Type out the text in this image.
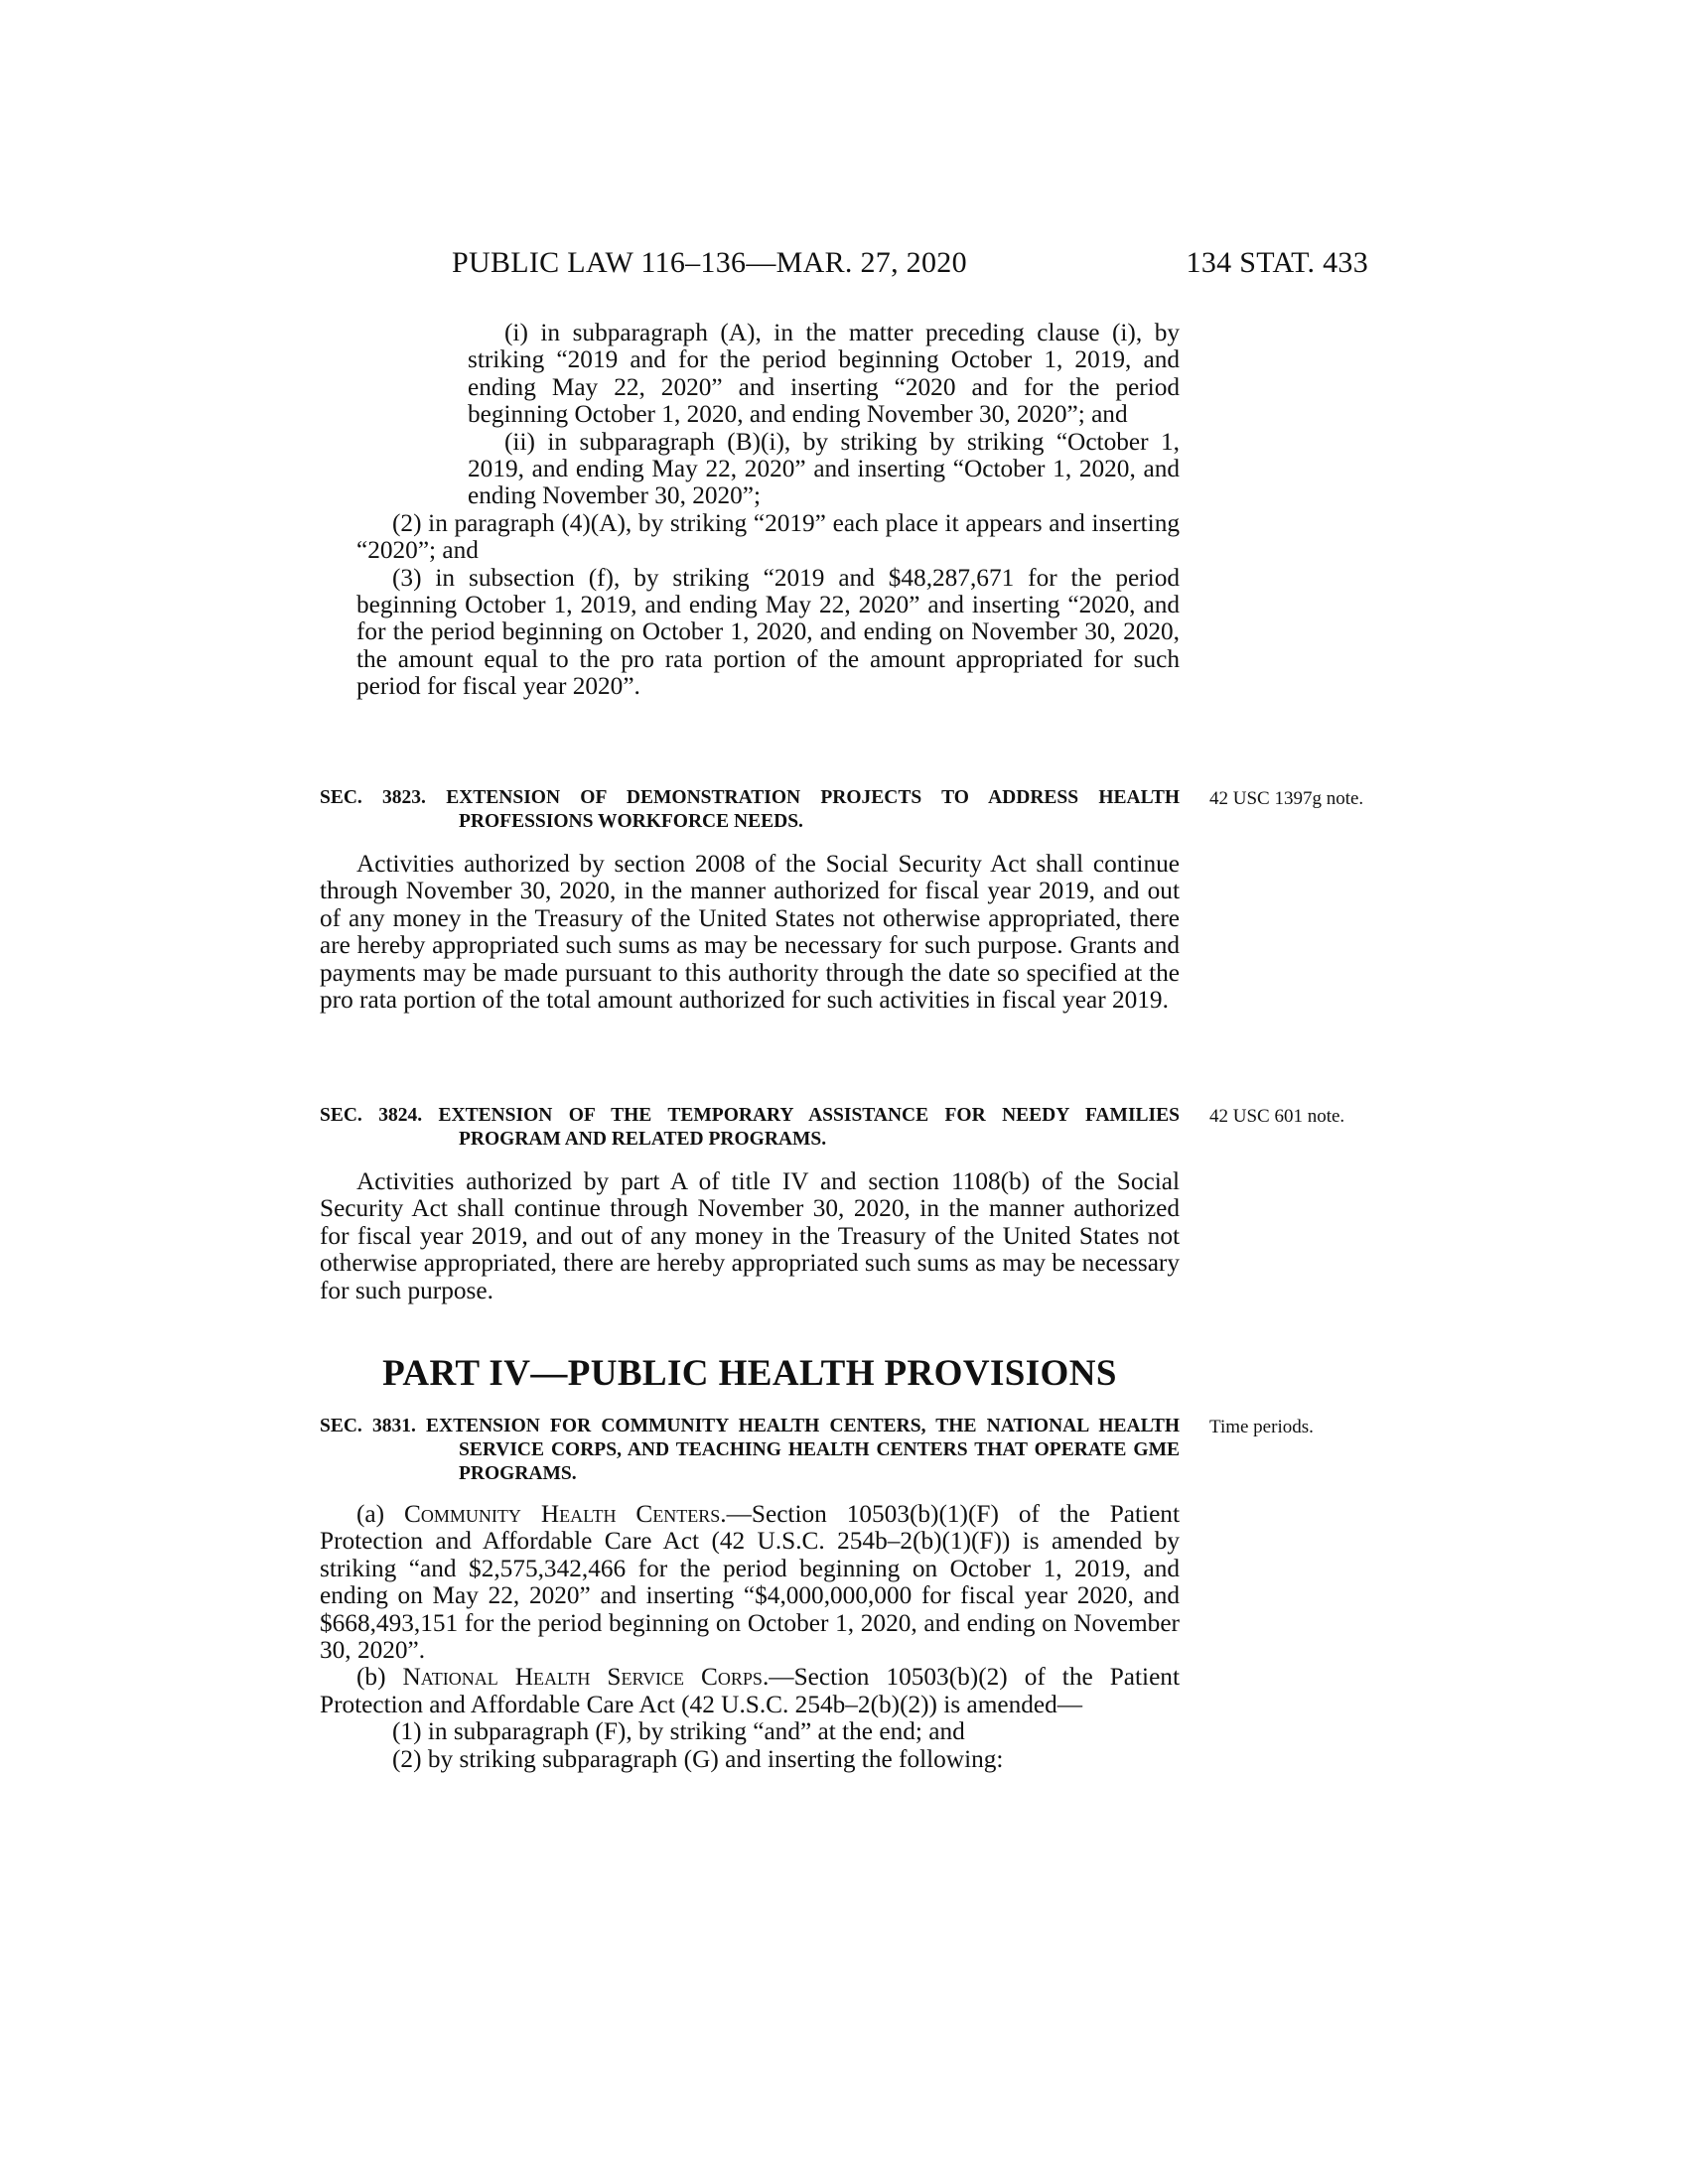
PUBLIC LAW 116–136—MAR. 27, 2020	134 STAT. 433

(i) in subparagraph (A), in the matter preceding clause (i), by striking “2019 and for the period beginning October 1, 2019, and ending May 22, 2020” and inserting “2020 and for the period beginning October 1, 2020, and ending November 30, 2020”; and

(ii) in subparagraph (B)(i), by striking by striking “October 1, 2019, and ending May 22, 2020” and inserting “October 1, 2020, and ending November 30, 2020”;

(2) in paragraph (4)(A), by striking “2019” each place it appears and inserting “2020”; and

(3) in subsection (f), by striking “2019 and $48,287,671 for the period beginning October 1, 2019, and ending May 22, 2020” and inserting “2020, and for the period beginning on October 1, 2020, and ending on November 30, 2020, the amount equal to the pro rata portion of the amount appropriated for such period for fiscal year 2020”.

SEC. 3823. EXTENSION OF DEMONSTRATION PROJECTS TO ADDRESS HEALTH PROFESSIONS WORKFORCE NEEDS.

42 USC 1397g note.

Activities authorized by section 2008 of the Social Security Act shall continue through November 30, 2020, in the manner authorized for fiscal year 2019, and out of any money in the Treasury of the United States not otherwise appropriated, there are hereby appropriated such sums as may be necessary for such purpose. Grants and payments may be made pursuant to this authority through the date so specified at the pro rata portion of the total amount authorized for such activities in fiscal year 2019.

SEC. 3824. EXTENSION OF THE TEMPORARY ASSISTANCE FOR NEEDY FAMILIES PROGRAM AND RELATED PROGRAMS.

42 USC 601 note.

Activities authorized by part A of title IV and section 1108(b) of the Social Security Act shall continue through November 30, 2020, in the manner authorized for fiscal year 2019, and out of any money in the Treasury of the United States not otherwise appropriated, there are hereby appropriated such sums as may be necessary for such purpose.

PART IV—PUBLIC HEALTH PROVISIONS

SEC. 3831. EXTENSION FOR COMMUNITY HEALTH CENTERS, THE NATIONAL HEALTH SERVICE CORPS, AND TEACHING HEALTH CENTERS THAT OPERATE GME PROGRAMS.

Time periods.

(a) Community Health Centers.—Section 10503(b)(1)(F) of the Patient Protection and Affordable Care Act (42 U.S.C. 254b–2(b)(1)(F)) is amended by striking “and $2,575,342,466 for the period beginning on October 1, 2019, and ending on May 22, 2020” and inserting “$4,000,000,000 for fiscal year 2020, and $668,493,151 for the period beginning on October 1, 2020, and ending on November 30, 2020”.

(b) National Health Service Corps.—Section 10503(b)(2) of the Patient Protection and Affordable Care Act (42 U.S.C. 254b–2(b)(2)) is amended—

(1) in subparagraph (F), by striking “and” at the end; and

(2) by striking subparagraph (G) and inserting the following:
